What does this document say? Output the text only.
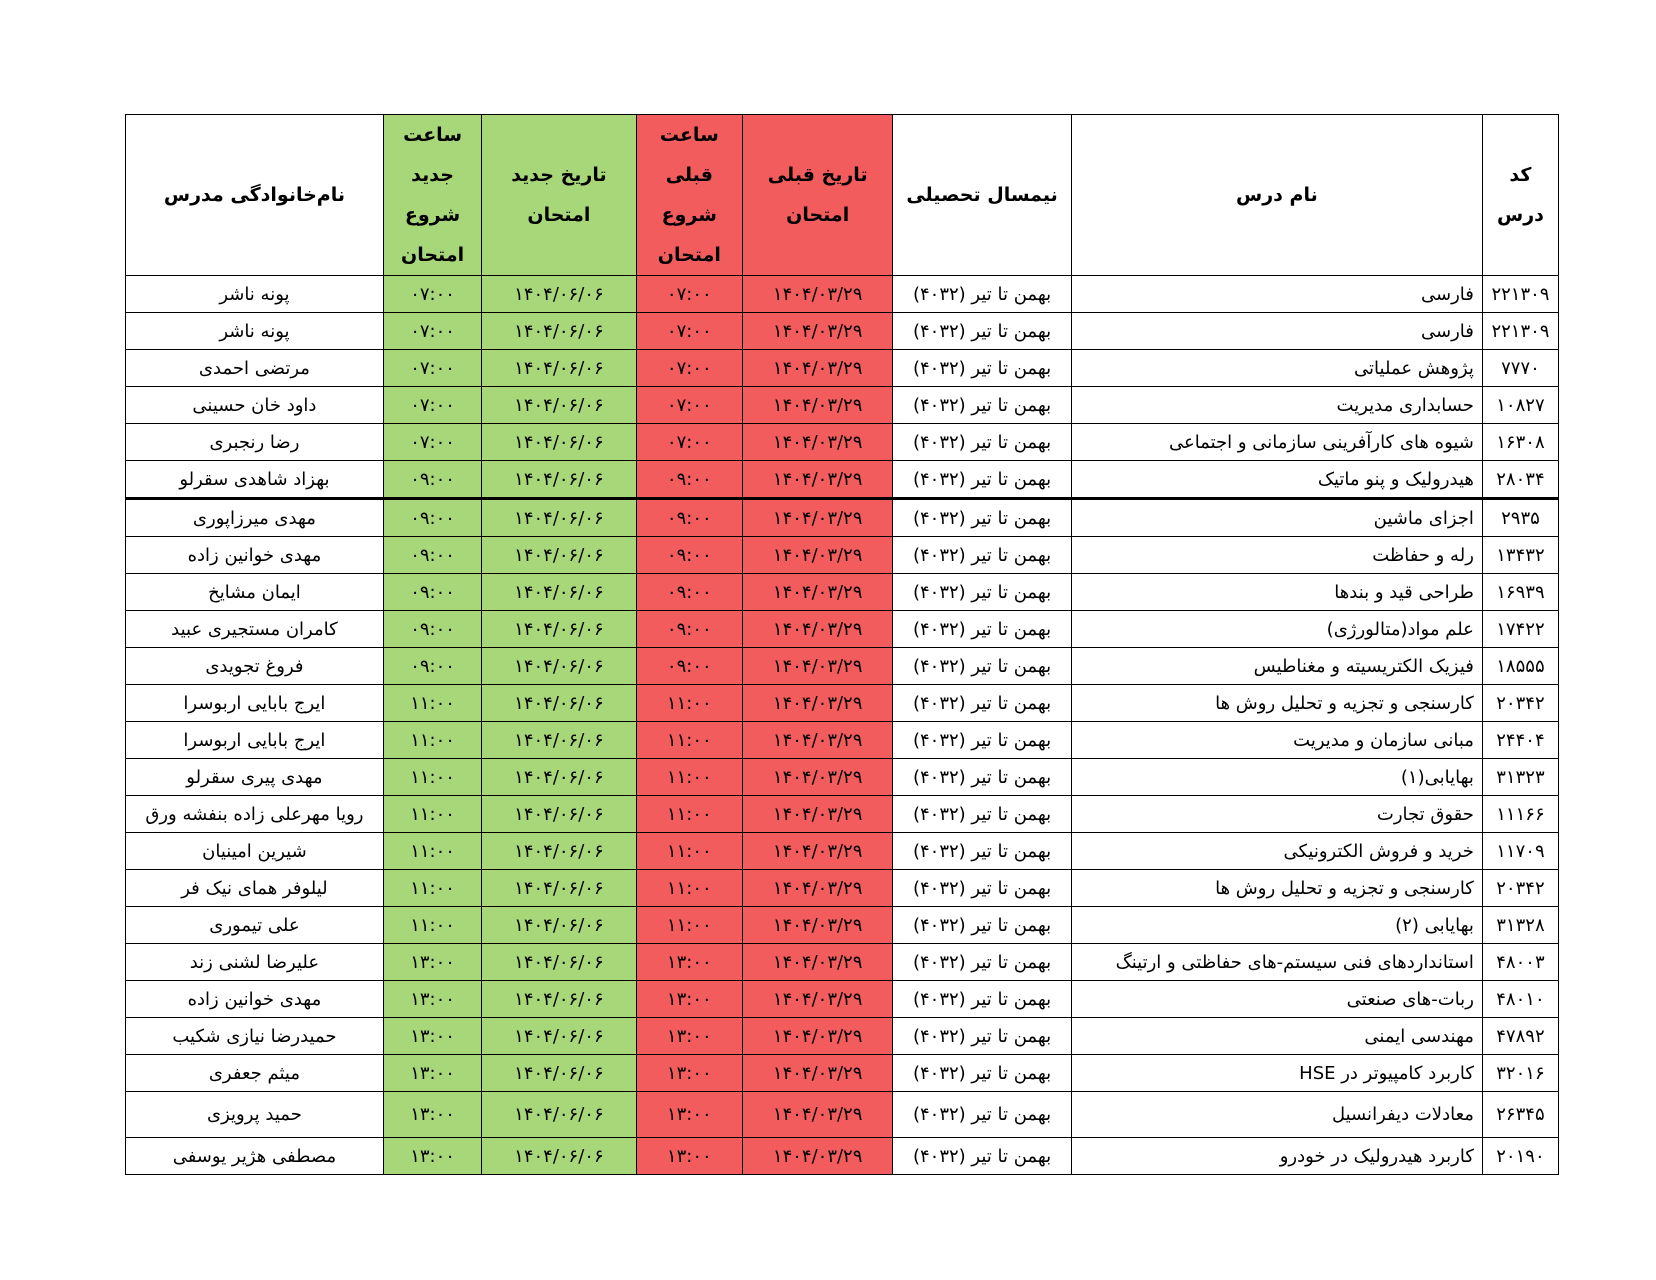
کد درس	نام درس	نیمسال تحصیلی	تاریخ قبلی امتحان	ساعت قبلی شروع امتحان	تاریخ جدید امتحان	ساعت جدید شروع امتحان	نام‌خانوادگی مدرس
۲۲۱۳۰۹	فارسی	بهمن تا تیر (۴۰۳۲)	۱۴۰۴/۰۳/۲۹	۰۷:۰۰	۱۴۰۴/۰۶/۰۶	۰۷:۰۰	پونه ناشر
۲۲۱۳۰۹	فارسی	بهمن تا تیر (۴۰۳۲)	۱۴۰۴/۰۳/۲۹	۰۷:۰۰	۱۴۰۴/۰۶/۰۶	۰۷:۰۰	پونه ناشر
۷۷۷۰	پژوهش عملیاتی	بهمن تا تیر (۴۰۳۲)	۱۴۰۴/۰۳/۲۹	۰۷:۰۰	۱۴۰۴/۰۶/۰۶	۰۷:۰۰	مرتضی احمدی
۱۰۸۲۷	حسابداری مدیریت	بهمن تا تیر (۴۰۳۲)	۱۴۰۴/۰۳/۲۹	۰۷:۰۰	۱۴۰۴/۰۶/۰۶	۰۷:۰۰	داود خان حسینی
۱۶۳۰۸	شیوه های کارآفرینی سازمانی و اجتماعی	بهمن تا تیر (۴۰۳۲)	۱۴۰۴/۰۳/۲۹	۰۷:۰۰	۱۴۰۴/۰۶/۰۶	۰۷:۰۰	رضا رنجبری
۲۸۰۳۴	هیدرولیک و پنو ماتیک	بهمن تا تیر (۴۰۳۲)	۱۴۰۴/۰۳/۲۹	۰۹:۰۰	۱۴۰۴/۰۶/۰۶	۰۹:۰۰	بهزاد شاهدی سقرلو
۲۹۳۵	اجزای ماشین	بهمن تا تیر (۴۰۳۲)	۱۴۰۴/۰۳/۲۹	۰۹:۰۰	۱۴۰۴/۰۶/۰۶	۰۹:۰۰	مهدی میرزاپوری
۱۳۴۳۲	رله و حفاظت	بهمن تا تیر (۴۰۳۲)	۱۴۰۴/۰۳/۲۹	۰۹:۰۰	۱۴۰۴/۰۶/۰۶	۰۹:۰۰	مهدی خوانین زاده
۱۶۹۳۹	طراحی قید و بندها	بهمن تا تیر (۴۰۳۲)	۱۴۰۴/۰۳/۲۹	۰۹:۰۰	۱۴۰۴/۰۶/۰۶	۰۹:۰۰	ایمان مشایخ
۱۷۴۲۲	علم مواد(متالورژی)	بهمن تا تیر (۴۰۳۲)	۱۴۰۴/۰۳/۲۹	۰۹:۰۰	۱۴۰۴/۰۶/۰۶	۰۹:۰۰	کامران مستجیری عبید
۱۸۵۵۵	فیزیک الکتریسیته و مغناطیس	بهمن تا تیر (۴۰۳۲)	۱۴۰۴/۰۳/۲۹	۰۹:۰۰	۱۴۰۴/۰۶/۰۶	۰۹:۰۰	فروغ تجویدی
۲۰۳۴۲	کارسنجی و تجزیه و تحلیل روش ها	بهمن تا تیر (۴۰۳۲)	۱۴۰۴/۰۳/۲۹	۱۱:۰۰	۱۴۰۴/۰۶/۰۶	۱۱:۰۰	ایرج بابایی اربوسرا
۲۴۴۰۴	مبانی سازمان و مدیریت	بهمن تا تیر (۴۰۳۲)	۱۴۰۴/۰۳/۲۹	۱۱:۰۰	۱۴۰۴/۰۶/۰۶	۱۱:۰۰	ایرج بابایی اربوسرا
۳۱۳۲۳	بهایابی(۱)	بهمن تا تیر (۴۰۳۲)	۱۴۰۴/۰۳/۲۹	۱۱:۰۰	۱۴۰۴/۰۶/۰۶	۱۱:۰۰	مهدی پیری سقرلو
۱۱۱۶۶	حقوق تجارت	بهمن تا تیر (۴۰۳۲)	۱۴۰۴/۰۳/۲۹	۱۱:۰۰	۱۴۰۴/۰۶/۰۶	۱۱:۰۰	رویا مهرعلی زاده بنفشه ورق
۱۱۷۰۹	خرید و فروش الکترونیکی	بهمن تا تیر (۴۰۳۲)	۱۴۰۴/۰۳/۲۹	۱۱:۰۰	۱۴۰۴/۰۶/۰۶	۱۱:۰۰	شیرین امینیان
۲۰۳۴۲	کارسنجی و تجزیه و تحلیل روش ها	بهمن تا تیر (۴۰۳۲)	۱۴۰۴/۰۳/۲۹	۱۱:۰۰	۱۴۰۴/۰۶/۰۶	۱۱:۰۰	لیلوفر همای نیک فر
۳۱۳۲۸	بهایابی (۲)	بهمن تا تیر (۴۰۳۲)	۱۴۰۴/۰۳/۲۹	۱۱:۰۰	۱۴۰۴/۰۶/۰۶	۱۱:۰۰	علی تیموری
۴۸۰۰۳	استانداردهای فنی سیستم-های حفاظتی و ارتینگ	بهمن تا تیر (۴۰۳۲)	۱۴۰۴/۰۳/۲۹	۱۳:۰۰	۱۴۰۴/۰۶/۰۶	۱۳:۰۰	علیرضا لشنی زند
۴۸۰۱۰	ربات-های صنعتی	بهمن تا تیر (۴۰۳۲)	۱۴۰۴/۰۳/۲۹	۱۳:۰۰	۱۴۰۴/۰۶/۰۶	۱۳:۰۰	مهدی خوانین زاده
۴۷۸۹۲	مهندسی ایمنی	بهمن تا تیر (۴۰۳۲)	۱۴۰۴/۰۳/۲۹	۱۳:۰۰	۱۴۰۴/۰۶/۰۶	۱۳:۰۰	حمیدرضا نیازی شکیب
۳۲۰۱۶	کاربرد کامپیوتر در HSE	بهمن تا تیر (۴۰۳۲)	۱۴۰۴/۰۳/۲۹	۱۳:۰۰	۱۴۰۴/۰۶/۰۶	۱۳:۰۰	میثم جعفری
۲۶۳۴۵	معادلات دیفرانسیل	بهمن تا تیر (۴۰۳۲)	۱۴۰۴/۰۳/۲۹	۱۳:۰۰	۱۴۰۴/۰۶/۰۶	۱۳:۰۰	حمید پرویزی
۲۰۱۹۰	کاربرد هیدرولیک در خودرو	بهمن تا تیر (۴۰۳۲)	۱۴۰۴/۰۳/۲۹	۱۳:۰۰	۱۴۰۴/۰۶/۰۶	۱۳:۰۰	مصطفی هژیر یوسفی
